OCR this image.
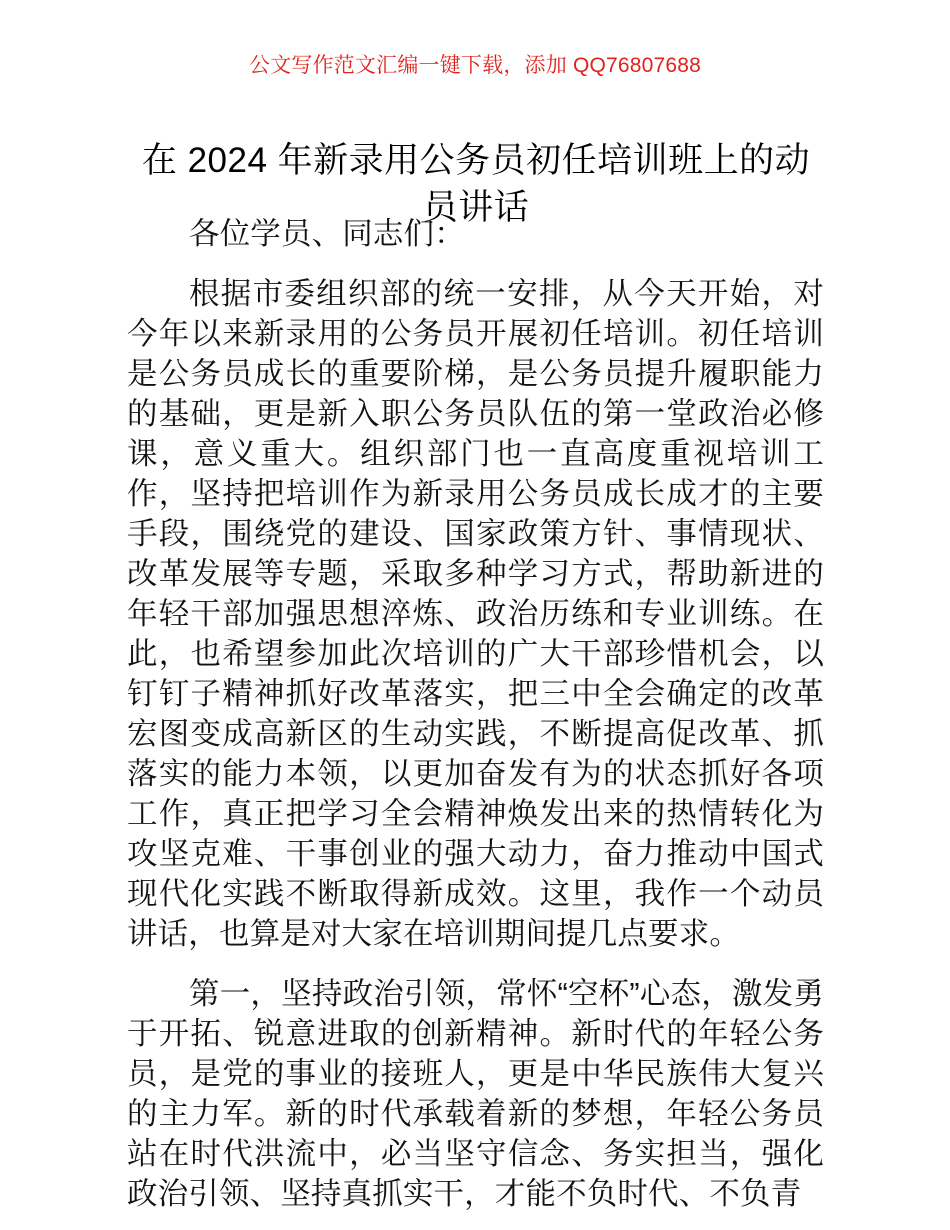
公文写作范文汇编一键下载，添加 QQ76807688
在 2024 年新录用公务员初任培训班上的动员讲话

各位学员、同志们：

根据市委组织部的统一安排，从今天开始，对今年以来新录用的公务员开展初任培训。初任培训是公务员成长的重要阶梯，是公务员提升履职能力的基础，更是新入职公务员队伍的第一堂政治必修课，意义重大。组织部门也一直高度重视培训工作，坚持把培训作为新录用公务员成长成才的主要手段，围绕党的建设、国家政策方针、事情现状、改革发展等专题，采取多种学习方式，帮助新进的年轻干部加强思想淬炼、政治历练和专业训练。在此，也希望参加此次培训的广大干部珍惜机会，以钉钉子精神抓好改革落实，把三中全会确定的改革宏图变成高新区的生动实践，不断提高促改革、抓落实的能力本领，以更加奋发有为的状态抓好各项工作，真正把学习全会精神焕发出来的热情转化为攻坚克难、干事创业的强大动力，奋力推动中国式现代化实践不断取得新成效。这里，我作一个动员讲话，也算是对大家在培训期间提几点要求。

第一，坚持政治引领，常怀“空杯”心态，激发勇于开拓、锐意进取的创新精神。新时代的年轻公务员，是党的事业的接班人，更是中华民族伟大复兴的主力军。新的时代承载着新的梦想，年轻公务员站在时代洪流中，必当坚守信念、务实担当，强化政治引领、坚持真抓实干，才能不负时代、不负青
